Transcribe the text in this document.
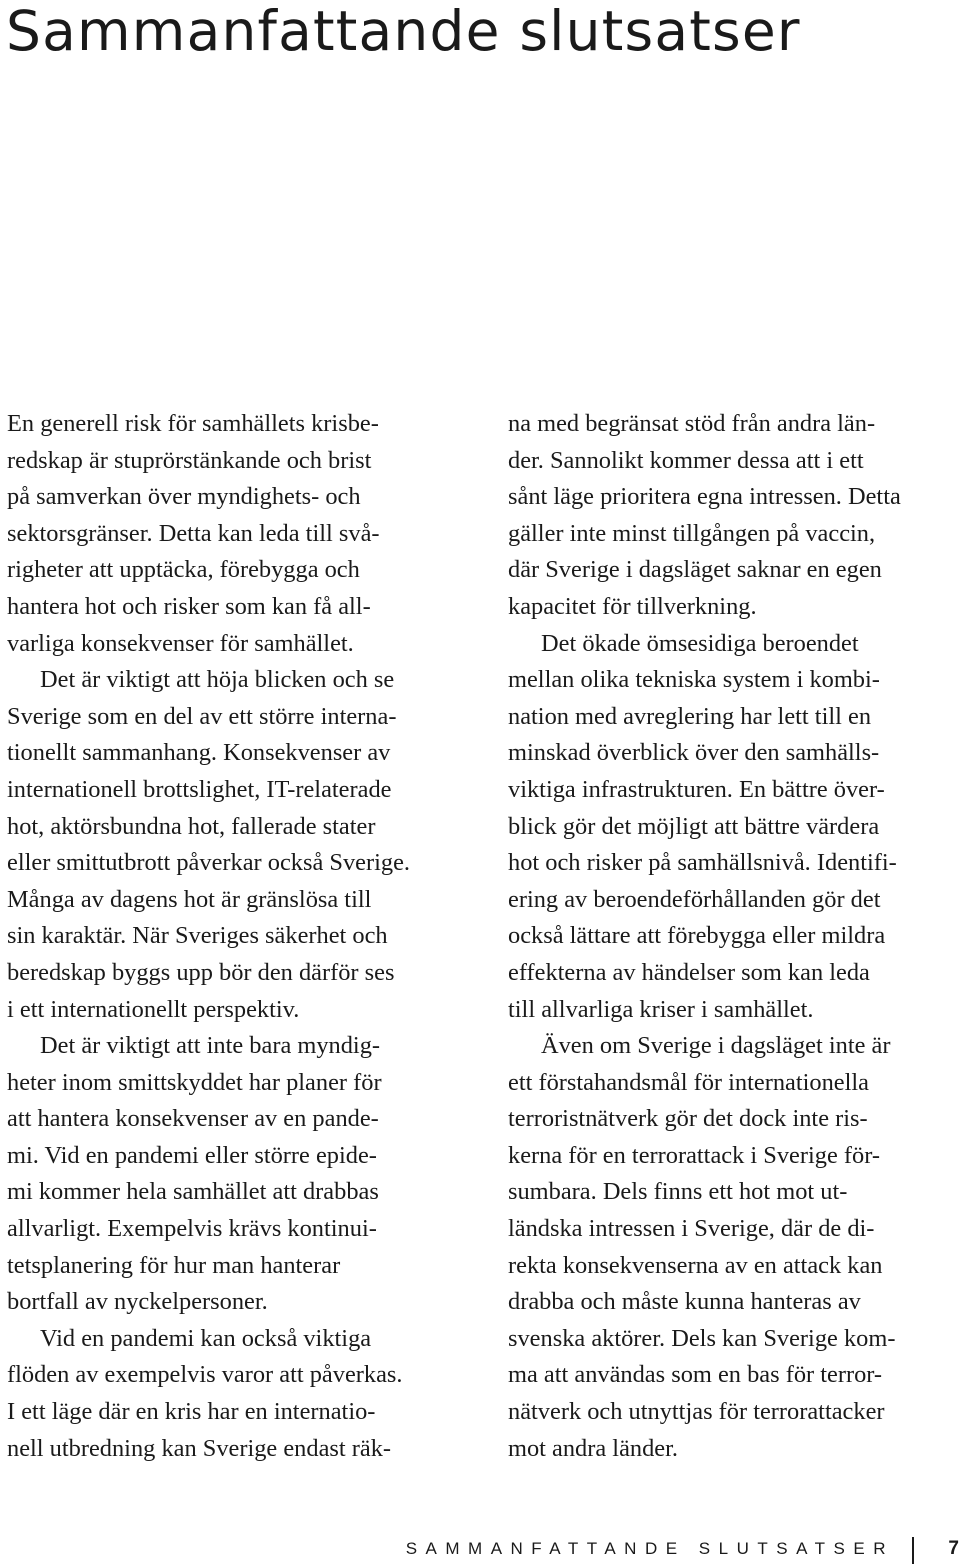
Sammanfattande slutsatser
En generell risk för samhällets krisbe-
redskap är stuprörstänkande och brist
på samverkan över myndighets- och
sektorsgränser. Detta kan leda till svå-
righeter att upptäcka, förebygga och
hantera hot och risker som kan få all-
varliga konsekvenser för samhället.
Det är viktigt att höja blicken och se
Sverige som en del av ett större interna-
tionellt sammanhang. Konsekvenser av
internationell brottslighet, IT-relaterade
hot, aktörsbundna hot, fallerade stater
eller smittutbrott påverkar också Sverige.
Många av dagens hot är gränslösa till
sin karaktär. När Sveriges säkerhet och
beredskap byggs upp bör den därför ses
i ett internationellt perspektiv.
Det är viktigt att inte bara myndig-
heter inom smittskyddet har planer för
att hantera konsekvenser av en pande-
mi. Vid en pandemi eller större epide-
mi kommer hela samhället att drabbas
allvarligt. Exempelvis krävs kontinui-
tetsplanering för hur man hanterar
bortfall av nyckelpersoner.
Vid en pandemi kan också viktiga
flöden av exempelvis varor att påverkas.
I ett läge där en kris har en internatio-
nell utbredning kan Sverige endast räk-
na med begränsat stöd från andra län-
der. Sannolikt kommer dessa att i ett
sånt läge prioritera egna intressen. Detta
gäller inte minst tillgången på vaccin,
där Sverige i dagsläget saknar en egen
kapacitet för tillverkning.
Det ökade ömsesidiga beroendet
mellan olika tekniska system i kombi-
nation med avreglering har lett till en
minskad överblick över den samhälls-
viktiga infrastrukturen. En bättre över-
blick gör det möjligt att bättre värdera
hot och risker på samhällsnivå. Identifi-
ering av beroendeförhållanden gör det
också lättare att förebygga eller mildra
effekterna av händelser som kan leda
till allvarliga kriser i samhället.
Även om Sverige i dagsläget inte är
ett förstahandsmål för internationella
terroristnätverk gör det dock inte ris-
kerna för en terrorattack i Sverige för-
sumbara. Dels finns ett hot mot ut-
ländska intressen i Sverige, där de di-
rekta konsekvenserna av en attack kan
drabba och måste kunna hanteras av
svenska aktörer. Dels kan Sverige kom-
ma att användas som en bas för terror-
nätverk och utnyttjas för terrorattacker
mot andra länder.
SAMMANFATTANDE SLUTSATSER	7
